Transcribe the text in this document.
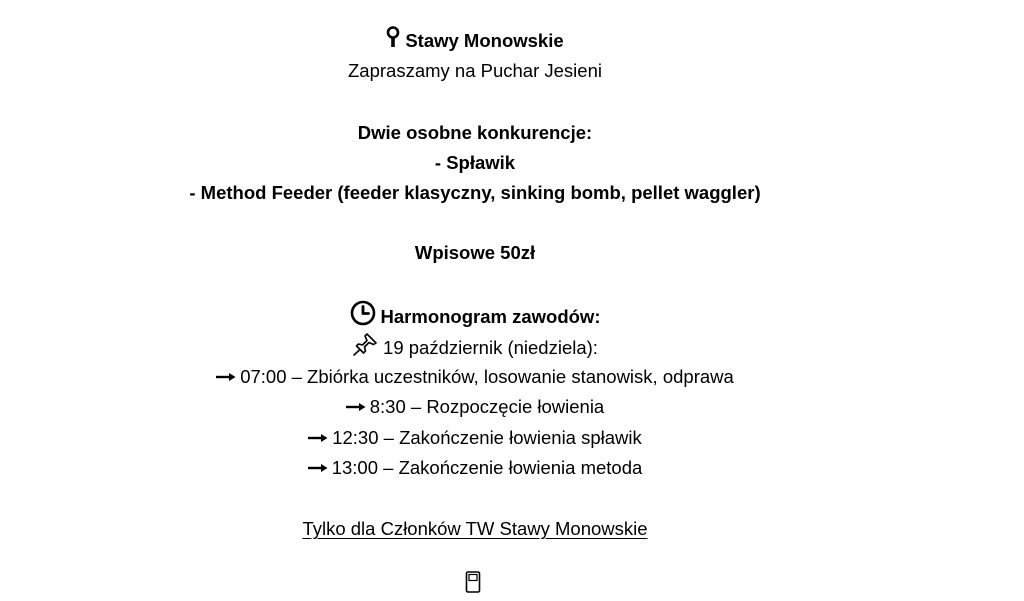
Stawy Monowskie
Zapraszamy na Puchar Jesieni
Dwie osobne konkurencje:
- Spławik
- Method Feeder (feeder klasyczny, sinking bomb, pellet waggler)
Wpisowe 50zł
Harmonogram zawodów:
19 październik (niedziela):
07:00 – Zbiórka uczestników, losowanie stanowisk, odprawa
8:30 – Rozpoczęcie łowienia
12:30 – Zakończenie łowienia spławik
13:00 – Zakończenie łowienia metoda
Tylko dla Członków TW Stawy Monowskie
